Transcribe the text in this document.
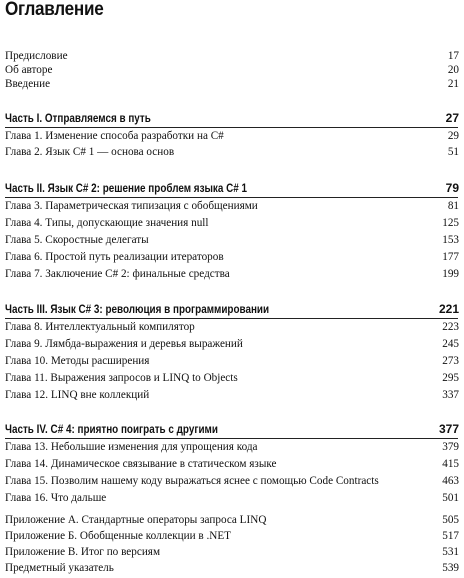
Оглавление
Предисловие	17
Об авторе	20
Введение	21
Часть I. Отправляемся в путь	27
Глава 1. Изменение способа разработки на C#	29
Глава 2. Язык C# 1 — основа основ	51
Часть II. Язык C# 2: решение проблем языка C# 1	79
Глава 3. Параметрическая типизация с обобщениями	81
Глава 4. Типы, допускающие значения null	125
Глава 5. Скоростные делегаты	153
Глава 6. Простой путь реализации итераторов	177
Глава 7. Заключение C# 2: финальные средства	199
Часть III. Язык C# 3: революция в программировании	221
Глава 8. Интеллектуальный компилятор	223
Глава 9. Лямбда-выражения и деревья выражений	245
Глава 10. Методы расширения	273
Глава 11. Выражения запросов и LINQ to Objects	295
Глава 12. LINQ вне коллекций	337
Часть IV. C# 4: приятно поиграть с другими	377
Глава 13. Небольшие изменения для упрощения кода	379
Глава 14. Динамическое связывание в статическом языке	415
Глава 15. Позволим нашему коду выражаться яснее с помощью Code Contracts	463
Глава 16. Что дальше	501
Приложение А. Стандартные операторы запроса LINQ	505
Приложение Б. Обобщенные коллекции в .NET	517
Приложение В. Итог по версиям	531
Предметный указатель	539
